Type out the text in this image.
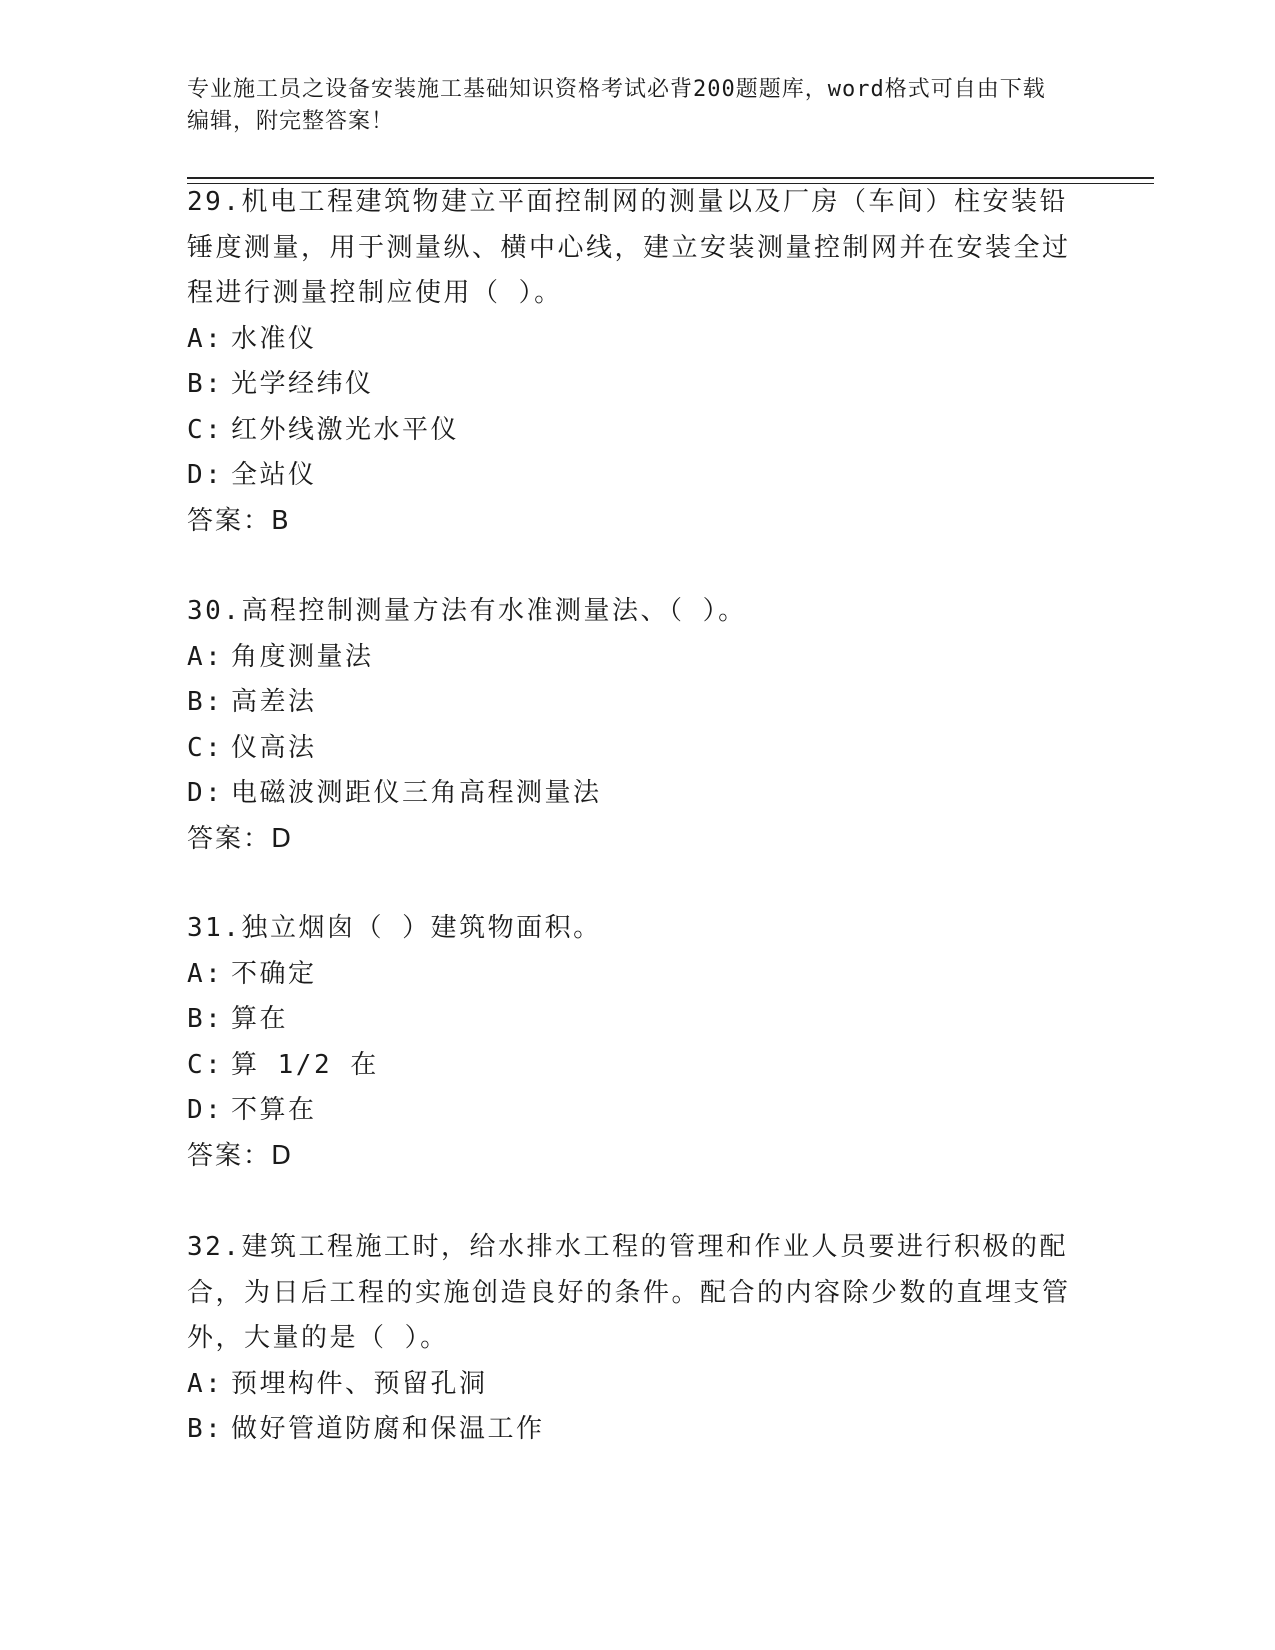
专业施工员之设备安装施工基础知识资格考试必背200题题库，word格式可自由下载编辑，附完整答案！

29.机电工程建筑物建立平面控制网的测量以及厂房（车间）柱安装铅锤度测量，用于测量纵、横中心线，建立安装测量控制网并在安装全过程进行测量控制应使用（ ）。

A: 水准仪

B: 光学经纬仪

C: 红外线激光水平仪

D: 全站仪

答案：B

30.高程控制测量方法有水准测量法、（ ）。

A: 角度测量法

B: 高差法

C: 仪高法

D: 电磁波测距仪三角高程测量法

答案：D

31.独立烟囱（ ）建筑物面积。

A: 不确定

B: 算在

C: 算 1/2 在

D: 不算在

答案：D

32.建筑工程施工时，给水排水工程的管理和作业人员要进行积极的配合，为日后工程的实施创造良好的条件。配合的内容除少数的直埋支管外，大量的是（ ）。

A: 预埋构件、预留孔洞

B: 做好管道防腐和保温工作
